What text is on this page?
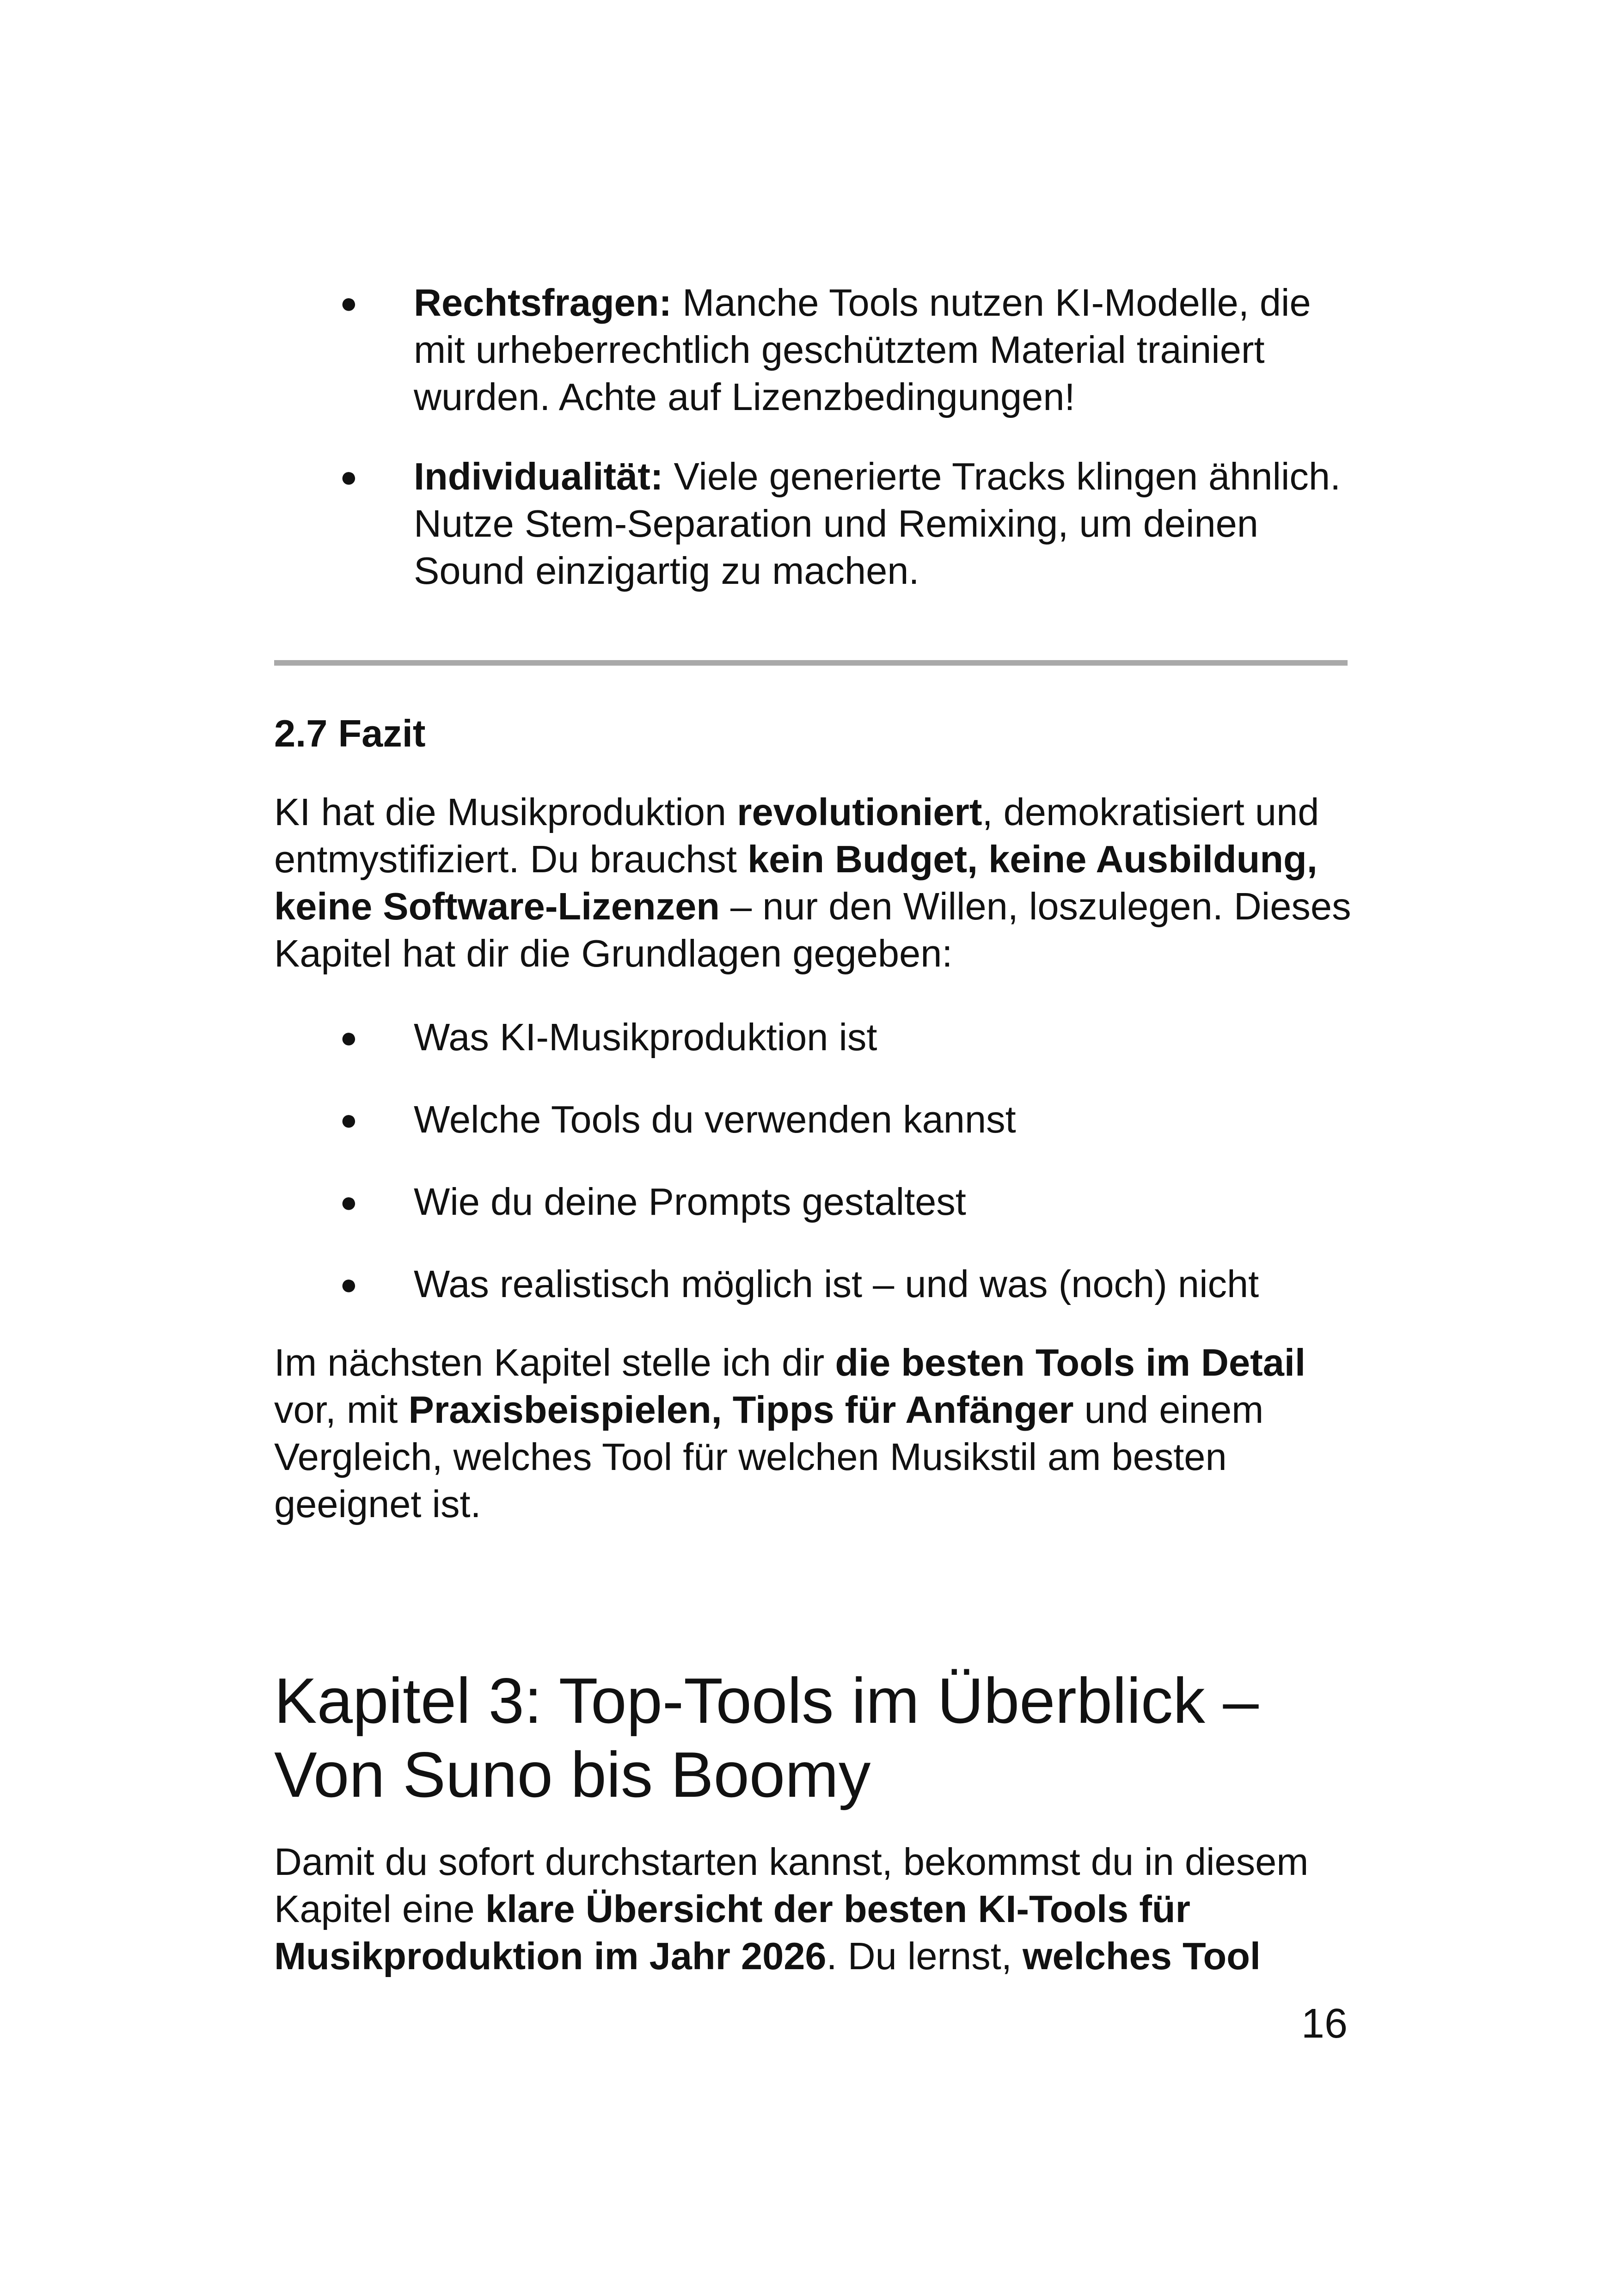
● Rechtsfragen: Manche Tools nutzen KI-Modelle, die mit urheberrechtlich geschütztem Material trainiert wurden. Achte auf Lizenzbedingungen!
● Individualität: Viele generierte Tracks klingen ähnlich. Nutze Stem-Separation und Remixing, um deinen Sound einzigartig zu machen.
2.7 Fazit

KI hat die Musikproduktion revolutioniert, demokratisiert und entmystifiziert. Du brauchst kein Budget, keine Ausbildung, keine Software-Lizenzen – nur den Willen, loszulegen. Dieses Kapitel hat dir die Grundlagen gegeben:

● Was KI-Musikproduktion ist
● Welche Tools du verwenden kannst
● Wie du deine Prompts gestaltest
● Was realistisch möglich ist – und was (noch) nicht

Im nächsten Kapitel stelle ich dir die besten Tools im Detail vor, mit Praxisbeispielen, Tipps für Anfänger und einem Vergleich, welches Tool für welchen Musikstil am besten geeignet ist.

Kapitel 3: Top-Tools im Überblick – Von Suno bis Boomy

Damit du sofort durchstarten kannst, bekommst du in diesem Kapitel eine klare Übersicht der besten KI-Tools für Musikproduktion im Jahr 2026. Du lernst, welches Tool

16
